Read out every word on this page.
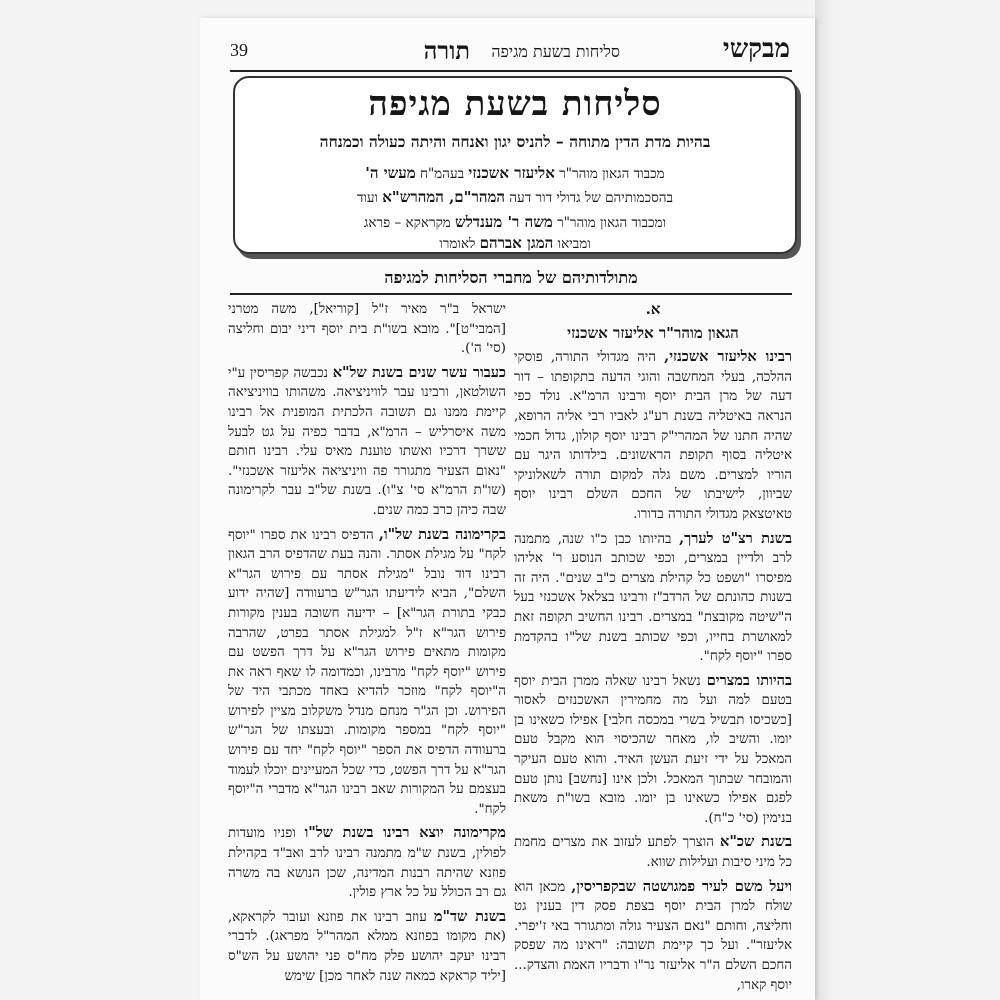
מבקשי
סליחות בשעת מגיפה
תורה
39
סליחות בשעת מגיפה
בהיות מדת הדין מתוחה – להניס יגון ואנחה והיתה כעולה וכמנחה
מכבוד הגאון מוהר"ר אליעזר אשכנזי בעהמ"ח מעשי ה'
בהסכמותיהם של גדולי דור דעה המהר"ם, המהרש"א ועוד
ומכבוד הגאון מוהר"ר משה ר' מענדלש מקראקא – פראג
ומביאו המגן אברהם לאומרו
מתולדותיהם של מחברי הסליחות למגיפה

א.

הגאון מוהר"ר אליעזר אשכנזי

רבינו אליעזר אשכנזי, היה מגדולי התורה, פוסקי ההלכה, בעלי המחשבה והוגי הדעה בתקופתו – דור דעה של מרן הבית יוסף ורבינו הרמ"א. נולד כפי הנראה באיטליה בשנת רע"ג לאביו רבי אליה הרופא, שהיה חתנו של המהרי"ק רבינו יוסף קולון, גדול חכמי איטליה בסוף תקופת הראשונים. בילדותו היגר עם הוריו למצרים. משם גלה למקום תורה לשאלוניקי שביוון, לישיבתו של החכם השלם רבינו יוסף טאיטצאק מגדולי התורה בדורו.

בשנת רצ"ט לערך, בהיותו כבן כ"ו שנה, מתמנה לרב ולדיין במצרים, וכפי שכותב הנוסע ר' אליהו מפיסרו "ושפט כל קהילת מצרים כ"ב שנים". היה זה בשנות כהונתם של הרדב"ז ורבינו בצלאל אשכנזי בעל ה"שיטה מקובצת" במצרים. רבינו החשיב תקופה זאת למאושרת בחייו, וכפי שכותב בשנת של"ו בהקדמת ספרו "יוסף לקח".

בהיותו במצרים נשאל רבינו שאלה ממרן הבית יוסף בטעם למה ועל מה מחמירין האשכנזים לאסור [כשכיסו תבשיל בשרי במכסה חלבי] אפילו כשאינו בן יומו. והשיב לו, מאחר שהכיסוי הוא מקבל טעם המאכל על ידי זיעת העשן האיד. והוא טעם העיקר והמובחר שבתוך המאכל. ולכן אינו [נחשב] נותן טעם לפגם אפילו כשאינו בן יומו. מובא בשו"ת משאת בנימין (סי' כ"ח).

בשנת שכ"א הוצרך לפתע לעזוב את מצרים מחמת כל מיני סיבות ועלילות שווא.

ויעל משם לעיר פמגושטה שבקפריסין, מכאן הוא שולח למרן הבית יוסף בצפת פסק דין בענין גט וחליצה, וחותם "נאם הצעיר גולה ומתגורר באי ז'יפרי. אליעזר". ועל כך קיימת תשובה: "ראינו מה שפסק החכם השלם ה"ר אליעזר נר"ו ודבריו האמת והצדק... יוסף קארו,

ישראל ב"ר מאיר ז"ל [קוריאל], משה מטרני [המבי"ט]". מובא בשו"ת בית יוסף דיני יבום וחליצה (סי' ה').

כעבור עשר שנים בשנת של"א נכבשה קפריסין ע"י השולטאן, ורבינו עבר לוויניציאה. משהותו בוויניציאה קיימת ממנו גם תשובה הלכתית המופנית אל רבינו משה איסרליש – הרמ"א, בדבר כפיה על גט לבעל ששרך דרכיו ואשתו טוענת מאיס עלי. רבינו חותם "נאום הצעיר מתגורר פה וויניציאה אליעזר אשכנזי". (שו"ת הרמ"א סי' צ"ו). בשנת של"ב עבר לקרימונה שבה כיהן כרב כמה שנים.

בקרימונה בשנת של"ו, הדפיס רבינו את ספרו "יוסף לקח" על מגילת אסתר. והנה בעת שהדפיס הרב הגאון רבינו דוד נובל "מגילת אסתר עם פירוש הגר"א השלם", הביא לידיעתו הגר"ש ברעוודה [שהיה ידוע כבקי בתורת הגר"א] – ידיעה חשובה בענין מקורות פירוש הגר"א ז"ל למגילת אסתר בפרט, שהרבה מקומות מתאים פירוש הגר"א על דרך הפשט עם פירוש "יוסף לקח" מרבינו, וכמדומה לו שאף ראה את ה"יוסף לקח" מוזכר להדיא באחד מכתבי היד של הפירוש. וכן הג"ר מנחם מנדל משקלוב מציין לפירוש "יוסף לקח" במספר מקומות. ובעצתו של הגר"ש ברעוודה הדפיס את הספר "יוסף לקח" יחד עם פירוש הגר"א על דרך הפשט, כדי שכל המעיינים יוכלו לעמוד בעצמם על המקורות שאב רבינו הגר"א מדברי ה"יוסף לקח".

מקרימונה יוצא רבינו בשנת של"ו ופניו מועדות לפולין, בשנת ש"מ מתמנה רבינו לרב ואב"ד בקהילת פוזנא שהיתה רבנות המדינה, שכן הנושא בה משרה גם רב הכולל על כל ארץ פולין.

בשנת שד"מ עוזב רבינו את פוזנא ועובר לקראקא, (את מקומו בפוזנא ממלא המהר"ל מפראג). לדברי רבינו יעקב יהושע פלק מח"ס פני יהושע על הש"ס [יליד קראקא כמאה שנה לאחר מכן] שימש
